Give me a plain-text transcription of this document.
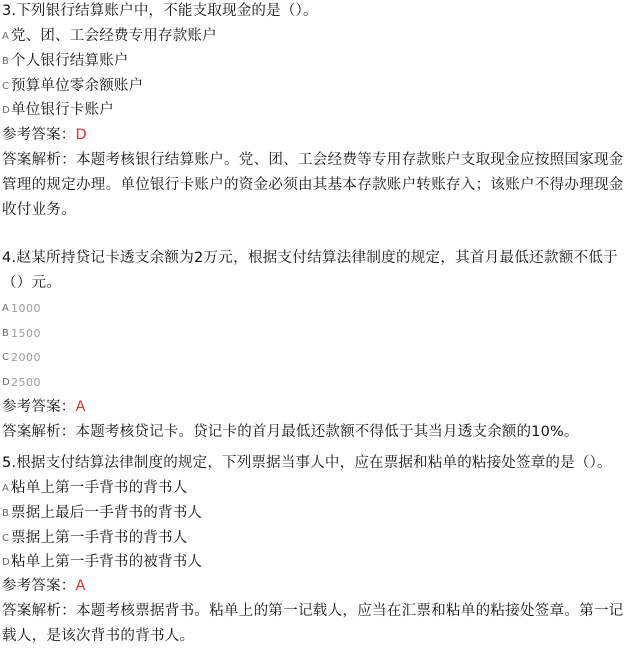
3.下列银行结算账户中，不能支取现金的是（）。
A 党、团、工会经费专用存款账户
B 个人银行结算账户
C 预算单位零余额账户
D单位银行卡账户
参考答案：D
答案解析：本题考核银行结算账户。党、团、工会经费等专用存款账户支取现金应按照国家现金管理的规定办理。单位银行卡账户的资金必须由其基本存款账户转账存入；该账户不得办理现金收付业务。
4.赵某所持贷记卡透支余额为2万元，根据支付结算法律制度的规定，其首月最低还款额不低于（）元。
A 1000
B 1500
C 2000
D2500
参考答案：A
答案解析：本题考核贷记卡。贷记卡的首月最低还款额不得低于其当月透支余额的10%。
5.根据支付结算法律制度的规定，下列票据当事人中，应在票据和粘单的粘接处签章的是（）。
A 粘单上第一手背书的背书人
B 票据上最后一手背书的背书人
C 票据上第一手背书的背书人
D粘单上第一手背书的被背书人
参考答案：A
答案解析：本题考核票据背书。粘单上的第一记载人，应当在汇票和粘单的粘接处签章。第一记载人，是该次背书的背书人。
